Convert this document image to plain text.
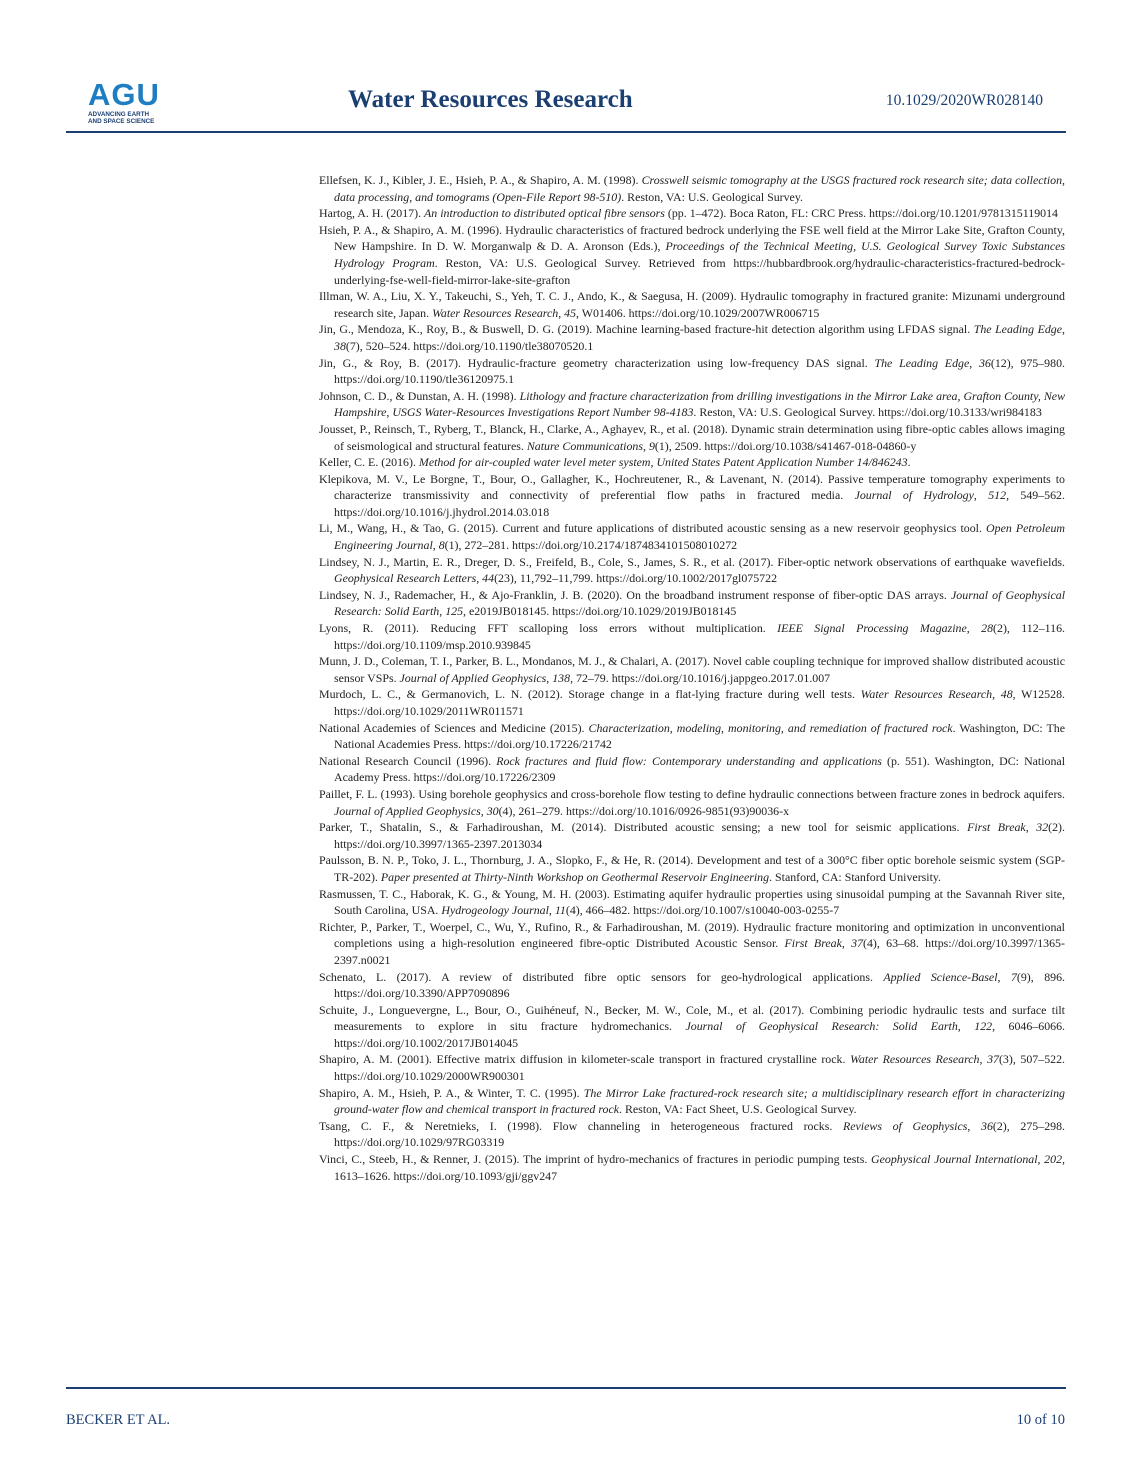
AGU
ADVANCING EARTH
AND SPACE SCIENCE
Water Resources Research	10.1029/2020WR028140
Ellefsen, K. J., Kibler, J. E., Hsieh, P. A., & Shapiro, A. M. (1998). Crosswell seismic tomography at the USGS fractured rock research site; data collection, data processing, and tomograms (Open-File Report 98-510). Reston, VA: U.S. Geological Survey.
Hartog, A. H. (2017). An introduction to distributed optical fibre sensors (pp. 1–472). Boca Raton, FL: CRC Press. https://doi.org/10.1201/9781315119014
Hsieh, P. A., & Shapiro, A. M. (1996). Hydraulic characteristics of fractured bedrock underlying the FSE well field at the Mirror Lake Site, Grafton County, New Hampshire. In D. W. Morganwalp & D. A. Aronson (Eds.), Proceedings of the Technical Meeting, U.S. Geological Survey Toxic Substances Hydrology Program. Reston, VA: U.S. Geological Survey. Retrieved from https://hubbardbrook.org/hydraulic-characteristics-fractured-bedrock-underlying-fse-well-field-mirror-lake-site-grafton
Illman, W. A., Liu, X. Y., Takeuchi, S., Yeh, T. C. J., Ando, K., & Saegusa, H. (2009). Hydraulic tomography in fractured granite: Mizunami underground research site, Japan. Water Resources Research, 45, W01406. https://doi.org/10.1029/2007WR006715
Jin, G., Mendoza, K., Roy, B., & Buswell, D. G. (2019). Machine learning-based fracture-hit detection algorithm using LFDAS signal. The Leading Edge, 38(7), 520–524. https://doi.org/10.1190/tle38070520.1
Jin, G., & Roy, B. (2017). Hydraulic-fracture geometry characterization using low-frequency DAS signal. The Leading Edge, 36(12), 975–980. https://doi.org/10.1190/tle36120975.1
Johnson, C. D., & Dunstan, A. H. (1998). Lithology and fracture characterization from drilling investigations in the Mirror Lake area, Grafton County, New Hampshire, USGS Water-Resources Investigations Report Number 98-4183. Reston, VA: U.S. Geological Survey. https://doi.org/10.3133/wri984183
Jousset, P., Reinsch, T., Ryberg, T., Blanck, H., Clarke, A., Aghayev, R., et al. (2018). Dynamic strain determination using fibre-optic cables allows imaging of seismological and structural features. Nature Communications, 9(1), 2509. https://doi.org/10.1038/s41467-018-04860-y
Keller, C. E. (2016). Method for air-coupled water level meter system, United States Patent Application Number 14/846243.
Klepikova, M. V., Le Borgne, T., Bour, O., Gallagher, K., Hochreutener, R., & Lavenant, N. (2014). Passive temperature tomography experiments to characterize transmissivity and connectivity of preferential flow paths in fractured media. Journal of Hydrology, 512, 549–562. https://doi.org/10.1016/j.jhydrol.2014.03.018
Li, M., Wang, H., & Tao, G. (2015). Current and future applications of distributed acoustic sensing as a new reservoir geophysics tool. Open Petroleum Engineering Journal, 8(1), 272–281. https://doi.org/10.2174/1874834101508010272
Lindsey, N. J., Martin, E. R., Dreger, D. S., Freifeld, B., Cole, S., James, S. R., et al. (2017). Fiber-optic network observations of earthquake wavefields. Geophysical Research Letters, 44(23), 11,792–11,799. https://doi.org/10.1002/2017gl075722
Lindsey, N. J., Rademacher, H., & Ajo-Franklin, J. B. (2020). On the broadband instrument response of fiber-optic DAS arrays. Journal of Geophysical Research: Solid Earth, 125, e2019JB018145. https://doi.org/10.1029/2019JB018145
Lyons, R. (2011). Reducing FFT scalloping loss errors without multiplication. IEEE Signal Processing Magazine, 28(2), 112–116. https://doi.org/10.1109/msp.2010.939845
Munn, J. D., Coleman, T. I., Parker, B. L., Mondanos, M. J., & Chalari, A. (2017). Novel cable coupling technique for improved shallow distributed acoustic sensor VSPs. Journal of Applied Geophysics, 138, 72–79. https://doi.org/10.1016/j.jappgeo.2017.01.007
Murdoch, L. C., & Germanovich, L. N. (2012). Storage change in a flat-lying fracture during well tests. Water Resources Research, 48, W12528. https://doi.org/10.1029/2011WR011571
National Academies of Sciences and Medicine (2015). Characterization, modeling, monitoring, and remediation of fractured rock. Washington, DC: The National Academies Press. https://doi.org/10.17226/21742
National Research Council (1996). Rock fractures and fluid flow: Contemporary understanding and applications (p. 551). Washington, DC: National Academy Press. https://doi.org/10.17226/2309
Paillet, F. L. (1993). Using borehole geophysics and cross-borehole flow testing to define hydraulic connections between fracture zones in bedrock aquifers. Journal of Applied Geophysics, 30(4), 261–279. https://doi.org/10.1016/0926-9851(93)90036-x
Parker, T., Shatalin, S., & Farhadiroushan, M. (2014). Distributed acoustic sensing; a new tool for seismic applications. First Break, 32(2). https://doi.org/10.3997/1365-2397.2013034
Paulsson, B. N. P., Toko, J. L., Thornburg, J. A., Slopko, F., & He, R. (2014). Development and test of a 300°C fiber optic borehole seismic system (SGP-TR-202). Paper presented at Thirty-Ninth Workshop on Geothermal Reservoir Engineering. Stanford, CA: Stanford University.
Rasmussen, T. C., Haborak, K. G., & Young, M. H. (2003). Estimating aquifer hydraulic properties using sinusoidal pumping at the Savannah River site, South Carolina, USA. Hydrogeology Journal, 11(4), 466–482. https://doi.org/10.1007/s10040-003-0255-7
Richter, P., Parker, T., Woerpel, C., Wu, Y., Rufino, R., & Farhadiroushan, M. (2019). Hydraulic fracture monitoring and optimization in unconventional completions using a high-resolution engineered fibre-optic Distributed Acoustic Sensor. First Break, 37(4), 63–68. https://doi.org/10.3997/1365-2397.n0021
Schenato, L. (2017). A review of distributed fibre optic sensors for geo-hydrological applications. Applied Science-Basel, 7(9), 896. https://doi.org/10.3390/APP7090896
Schuite, J., Longuevergne, L., Bour, O., Guihéneuf, N., Becker, M. W., Cole, M., et al. (2017). Combining periodic hydraulic tests and surface tilt measurements to explore in situ fracture hydromechanics. Journal of Geophysical Research: Solid Earth, 122, 6046–6066. https://doi.org/10.1002/2017JB014045
Shapiro, A. M. (2001). Effective matrix diffusion in kilometer-scale transport in fractured crystalline rock. Water Resources Research, 37(3), 507–522. https://doi.org/10.1029/2000WR900301
Shapiro, A. M., Hsieh, P. A., & Winter, T. C. (1995). The Mirror Lake fractured-rock research site; a multidisciplinary research effort in characterizing ground-water flow and chemical transport in fractured rock. Reston, VA: Fact Sheet, U.S. Geological Survey.
Tsang, C. F., & Neretnieks, I. (1998). Flow channeling in heterogeneous fractured rocks. Reviews of Geophysics, 36(2), 275–298. https://doi.org/10.1029/97RG03319
Vinci, C., Steeb, H., & Renner, J. (2015). The imprint of hydro-mechanics of fractures in periodic pumping tests. Geophysical Journal International, 202, 1613–1626. https://doi.org/10.1093/gji/ggv247
BECKER ET AL.	10 of 10
